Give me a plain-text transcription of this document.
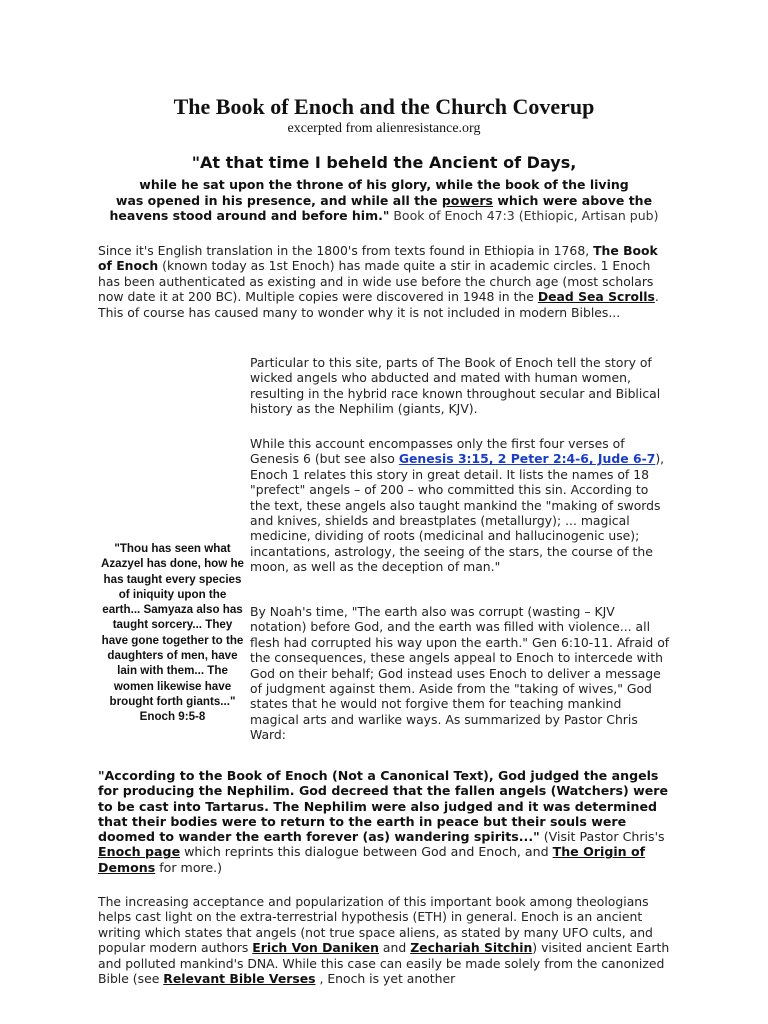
The Book of Enoch and the Church Coverup
excerpted from alienresistance.org
"At that time I beheld the Ancient of Days,
while he sat upon the throne of his glory, while the book of the living
was opened in his presence, and while all the powers which were above the
heavens stood around and before him." Book of Enoch 47:3 (Ethiopic, Artisan pub)
Since it's English translation in the 1800's from texts found in Ethiopia in 1768, The Book of Enoch (known today as 1st Enoch) has made quite a stir in academic circles. 1 Enoch has been authenticated as existing and in wide use before the church age (most scholars now date it at 200 BC). Multiple copies were discovered in 1948 in the Dead Sea Scrolls. This of course has caused many to wonder why it is not included in modern Bibles...
Particular to this site, parts of The Book of Enoch tell the story of wicked angels who abducted and mated with human women, resulting in the hybrid race known throughout secular and Biblical history as the Nephilim (giants, KJV).
While this account encompasses only the first four verses of Genesis 6 (but see also Genesis 3:15, 2 Peter 2:4-6, Jude 6-7), Enoch 1 relates this story in great detail. It lists the names of 18 "prefect" angels – of 200 – who committed this sin. According to the text, these angels also taught mankind the "making of swords and knives, shields and breastplates (metallurgy); ... magical medicine, dividing of roots (medicinal and hallucinogenic use); incantations, astrology, the seeing of the stars, the course of the moon, as well as the deception of man."
"Thou has seen what Azazyel has done, how he has taught every species of iniquity upon the earth... Samyaza also has taught sorcery... They have gone together to the daughters of men, have lain with them... The women likewise have brought forth giants..."
Enoch 9:5-8
By Noah's time, "The earth also was corrupt (wasting – KJV notation) before God, and the earth was filled with violence... all flesh had corrupted his way upon the earth." Gen 6:10-11. Afraid of the consequences, these angels appeal to Enoch to intercede with God on their behalf; God instead uses Enoch to deliver a message of judgment against them. Aside from the "taking of wives," God states that he would not forgive them for teaching mankind magical arts and warlike ways. As summarized by Pastor Chris Ward:
"According to the Book of Enoch (Not a Canonical Text), God judged the angels for producing the Nephilim. God decreed that the fallen angels (Watchers) were to be cast into Tartarus. The Nephilim were also judged and it was determined that their bodies were to return to the earth in peace but their souls were doomed to wander the earth forever (as) wandering spirits..." (Visit Pastor Chris's Enoch page which reprints this dialogue between God and Enoch, and The Origin of Demons for more.)
The increasing acceptance and popularization of this important book among theologians helps cast light on the extra-terrestrial hypothesis (ETH) in general. Enoch is an ancient writing which states that angels (not true space aliens, as stated by many UFO cults, and popular modern authors Erich Von Daniken and Zechariah Sitchin) visited ancient Earth and polluted mankind's DNA. While this case can easily be made solely from the canonized Bible (see Relevant Bible Verses , Enoch is yet another
